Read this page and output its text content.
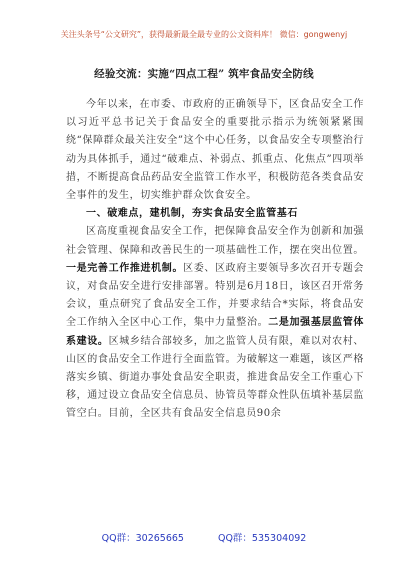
关注头条号“公文研究”，获得最新最全最专业的公文资料库！ 微信：gongwenyj
经验交流：实施“四点工程” 筑牢食品安全防线

今年以来，在市委、市政府的正确领导下，区食品安全工作以习近平总书记关于食品安全的重要批示指示为统领紧紧围绕“保障群众最关注安全”这个中心任务，以食品安全专项整治行动为具体抓手，通过“破难点、补弱点、抓重点、化焦点”四项举措，不断提高食品药品安全监管工作水平，积极防范各类食品安全事件的发生，切实维护群众饮食安全。

一、破难点，建机制，夯实食品安全监管基石

区高度重视食品安全工作，把保障食品安全作为创新和加强社会管理、保障和改善民生的一项基础性工作，摆在突出位置。一是完善工作推进机制。区委、区政府主要领导多次召开专题会议，对食品安全进行安排部署。特别是6月18日，该区召开常务会议，重点研究了食品安全工作，并要求结合*实际，将食品安全工作纳入全区中心工作，集中力量整治。二是加强基层监管体系建设。区城乡结合部较多，加之监管人员有限，难以对农村、山区的食品安全工作进行全面监管。为破解这一难题，该区严格落实乡镇、街道办事处食品安全职责，推进食品安全工作重心下移，通过设立食品安全信息员、协管员等群众性队伍填补基层监管空白。目前，全区共有食品安全信息员90余

QQ群：30265665	QQ群：535304092
